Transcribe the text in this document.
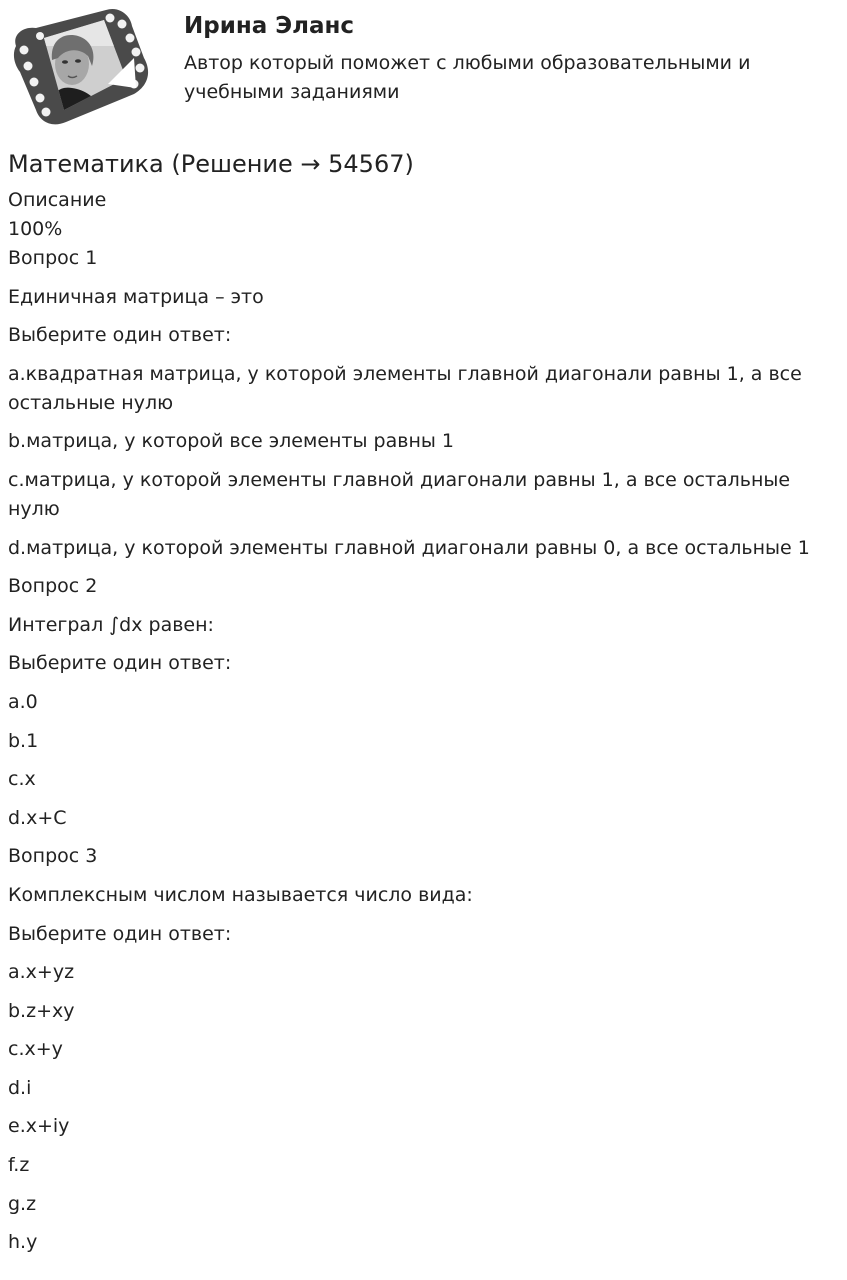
Ирина Эланс
Автор который поможет с любыми образовательными и учебными заданиями
Математика (Решение → 54567)

Описание

100%

Вопрос 1

Единичная матрица – это

Выберите один ответ:

a.квадратная матрица, у которой элементы главной диагонали равны 1, а все остальные нулю

b.матрица, у которой все элементы равны 1

c.матрица, у которой элементы главной диагонали равны 1, а все остальные нулю

d.матрица, у которой элементы главной диагонали равны 0, а все остальные 1

Вопрос 2

Интеграл ∫dx равен:

Выберите один ответ:

a.0

b.1

c.x

d.x+C

Вопрос 3

Комплексным числом называется число вида:

Выберите один ответ:

a.x+yz

b.z+xy

c.x+y

d.i

e.x+iy

f.z

g.z

h.y
